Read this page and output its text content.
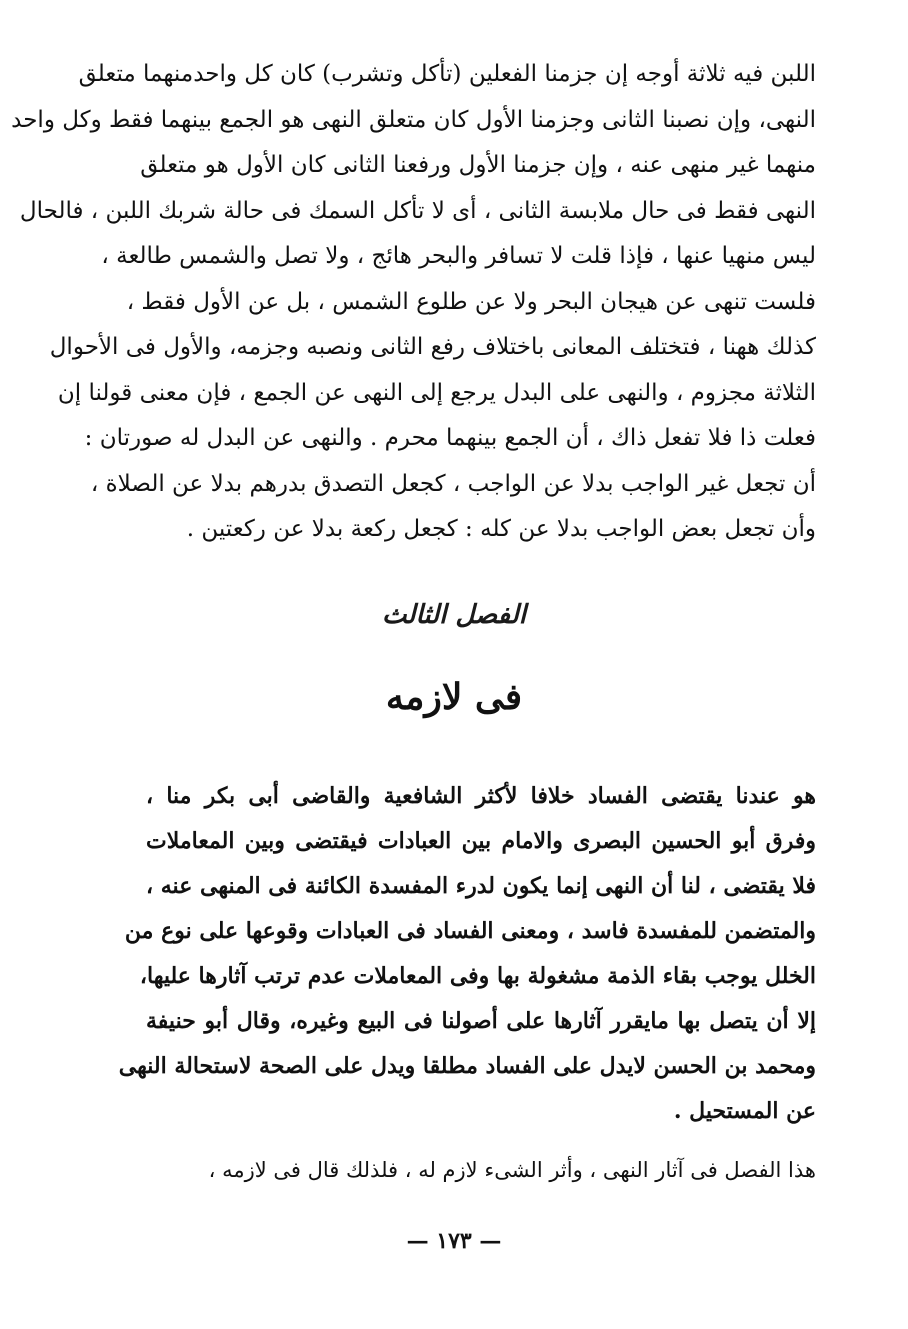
اللبن فيه ثلاثة أوجه إن جزمنا الفعلين (تأكل وتشرب) كان كل واحدمنهما متعلق
النهى، وإن نصبنا الثانى وجزمنا الأول كان متعلق النهى هو الجمع بينهما فقط وكل واحد
منهما غير منهى عنه ، وإن جزمنا الأول ورفعنا الثانى كان الأول هو متعلق
النهى فقط فى حال ملابسة الثانى ، أى لا تأكل السمك فى حالة شربك اللبن ، فالحال
ليس منهيا عنها ، فإذا قلت لا تسافر والبحر هائج ، ولا تصل والشمس طالعة ،
فلست تنهى عن هيجان البحر ولا عن طلوع الشمس ، بل عن الأول فقط ،
كذلك ههنا ، فتختلف المعانى باختلاف رفع الثانى ونصبه وجزمه، والأول فى الأحوال
الثلاثة مجزوم ، والنهى على البدل يرجع إلى النهى عن الجمع ، فإن معنى قولنا إن
فعلت ذا فلا تفعل ذاك ، أن الجمع بينهما محرم . والنهى عن البدل له صورتان :
أن تجعل غير الواجب بدلا عن الواجب ، كجعل التصدق بدرهم بدلا عن الصلاة ،
وأن تجعل بعض الواجب بدلا عن كله : كجعل ركعة بدلا عن ركعتين .
الفصل الثالث
فى لازمه
هو عندنا يقتضى الفساد خلافا لأكثر الشافعية والقاضى أبى بكر منا ،
وفرق أبو الحسين البصرى والامام بين العبادات فيقتضى وبين المعاملات
فلا يقتضى ، لنا أن النهى إنما يكون لدرء المفسدة الكائنة فى المنهى عنه ،
والمتضمن للمفسدة فاسد ، ومعنى الفساد فى العبادات وقوعها على نوع من
الخلل يوجب بقاء الذمة مشغولة بها وفى المعاملات عدم ترتب آثارها عليها،
إلا أن يتصل بها مايقرر آثارها على أصولنا فى البيع وغيره، وقال أبو حنيفة
ومحمد بن الحسن لايدل على الفساد مطلقا ويدل على الصحة لاستحالة النهى
عن المستحيل .
هذا الفصل فى آثار النهى ، وأثر الشىء لازم له ، فلذلك قال فى لازمه ،
— ١٧٣ —
